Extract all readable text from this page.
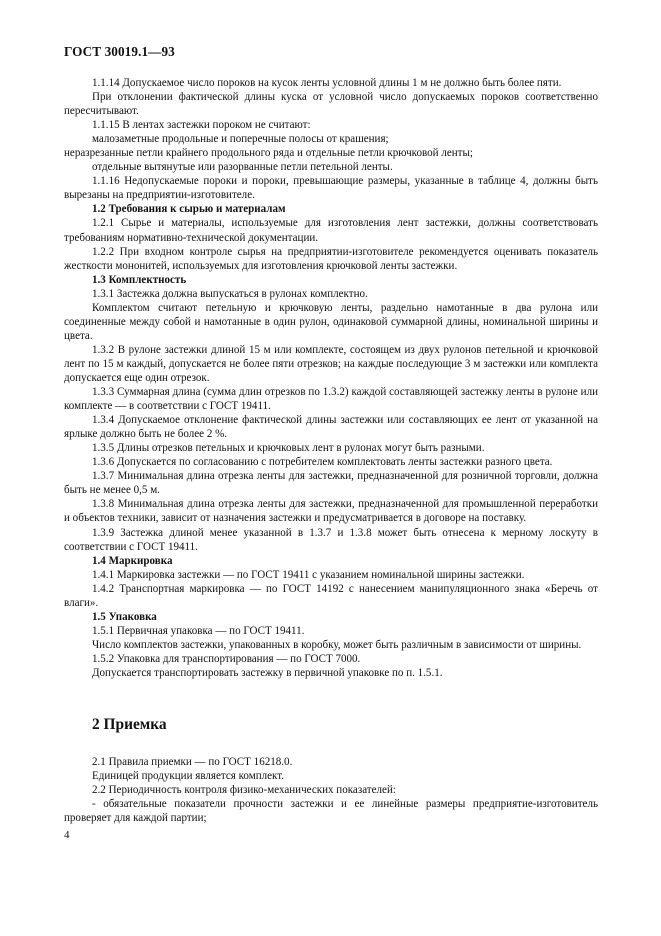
ГОСТ 30019.1—93

1.1.14 Допускаемое число пороков на кусок ленты условной длины 1 м не должно быть более пяти.

При отклонении фактической длины куска от условной число допускаемых пороков соответственно пересчитывают.

1.1.15 В лентах застежки пороком не считают:

малозаметные продольные и поперечные полосы от крашения;

неразрезанные петли крайнего продольного ряда и отдельные петли крючковой ленты;

отдельные вытянутые или разорванные петли петельной ленты.

1.1.16 Недопускаемые пороки и пороки, превышающие размеры, указанные в таблице 4, должны быть вырезаны на предприятии-изготовителе.

1.2 Требования к сырью и материалам

1.2.1 Сырье и материалы, используемые для изготовления лент застежки, должны соответствовать требованиям нормативно-технической документации.

1.2.2 При входном контроле сырья на предприятии-изготовителе рекомендуется оценивать показатель жесткости мононитей, используемых для изготовления крючковой ленты застежки.

1.3 Комплектность

1.3.1 Застежка должна выпускаться в рулонах комплектно.

Комплектом считают петельную и крючковую ленты, раздельно намотанные в два рулона или соединенные между собой и намотанные в один рулон, одинаковой суммарной длины, номинальной ширины и цвета.

1.3.2 В рулоне застежки длиной 15 м или комплекте, состоящем из двух рулонов петельной и крючковой лент по 15 м каждый, допускается не более пяти отрезков; на каждые последующие 3 м застежки или комплекта допускается еще один отрезок.

1.3.3 Суммарная длина (сумма длин отрезков по 1.3.2) каждой составляющей застежку ленты в рулоне или комплекте — в соответствии с ГОСТ 19411.

1.3.4 Допускаемое отклонение фактической длины застежки или составляющих ее лент от указанной на ярлыке должно быть не более 2 %.

1.3.5 Длины отрезков петельных и крючковых лент в рулонах могут быть разными.

1.3.6 Допускается по согласованию с потребителем комплектовать ленты застежки разного цвета.

1.3.7 Минимальная длина отрезка ленты для застежки, предназначенной для розничной торговли, должна быть не менее 0,5 м.

1.3.8 Минимальная длина отрезка ленты для застежки, предназначенной для промышленной переработки и объектов техники, зависит от назначения застежки и предусматривается в договоре на поставку.

1.3.9 Застежка длиной менее указанной в 1.3.7 и 1.3.8 может быть отнесена к мерному лоскуту в соответствии с ГОСТ 19411.

1.4 Маркировка

1.4.1 Маркировка застежки — по ГОСТ 19411 с указанием номинальной ширины застежки.

1.4.2 Транспортная маркировка — по ГОСТ 14192 с нанесением манипуляционного знака «Беречь от влаги».

1.5 Упаковка

1.5.1 Первичная упаковка — по ГОСТ 19411.

Число комплектов застежки, упакованных в коробку, может быть различным в зависимости от ширины.

1.5.2 Упаковка для транспортирования — по ГОСТ 7000.

Допускается транспортировать застежку в первичной упаковке по п. 1.5.1.

2 Приемка

2.1 Правила приемки — по ГОСТ 16218.0.

Единицей продукции является комплект.

2.2 Периодичность контроля физико-механических показателей:

- обязательные показатели прочности застежки и ее линейные размеры предприятие-изготовитель проверяет для каждой партии;

4
